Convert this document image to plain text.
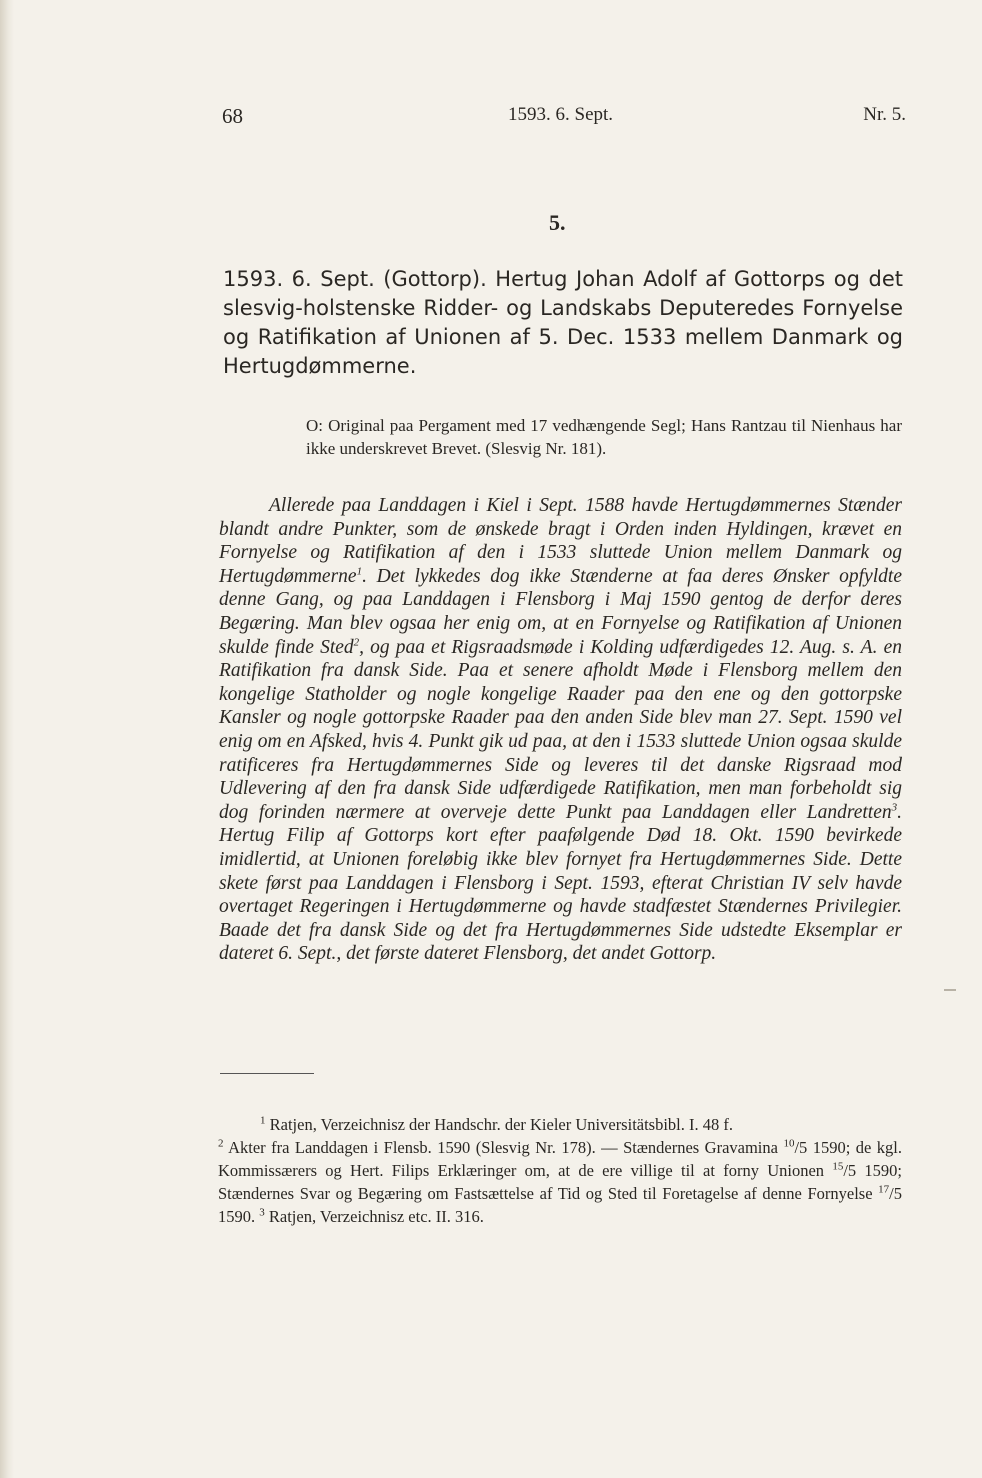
68	1593. 6. Sept.	Nr. 5.
5.
1593. 6. Sept. (Gottorp). Hertug Johan Adolf af Gottorps og det slesvig-holstenske Ridder- og Landskabs Deputeredes Fornyelse og Ratifikation af Unionen af 5. Dec. 1533 mellem Danmark og Hertugdømmerne.

O: Original paa Pergament med 17 vedhængende Segl; Hans Rantzau til Nienhaus har ikke underskrevet Brevet. (Slesvig Nr. 181).

Allerede paa Landdagen i Kiel i Sept. 1588 havde Hertugdømmernes Stænder blandt andre Punkter, som de ønskede bragt i Orden inden Hyldingen, krævet en Fornyelse og Ratifikation af den i 1533 sluttede Union mellem Danmark og Hertugdømmerne$^1$. Det lykkedes dog ikke Stænderne at faa deres Ønsker opfyldte denne Gang, og paa Landdagen i Flensborg i Maj 1590 gentog de derfor deres Begæring. Man blev ogsaa her enig om, at en Fornyelse og Ratifikation af Unionen skulde finde Sted$^2$, og paa et Rigsraadsmøde i Kolding udfærdigedes 12. Aug. s. A. en Ratifikation fra dansk Side. Paa et senere afholdt Møde i Flensborg mellem den kongelige Statholder og nogle kongelige Raader paa den ene og den gottorpske Kansler og nogle gottorpske Raader paa den anden Side blev man 27. Sept. 1590 vel enig om en Afsked, hvis 4. Punkt gik ud paa, at den i 1533 sluttede Union ogsaa skulde ratificeres fra Hertugdømmernes Side og leveres til det danske Rigsraad mod Udlevering af den fra dansk Side udfærdigede Ratifikation, men man forbeholdt sig dog forinden nærmere at overveje dette Punkt paa Landdagen eller Landretten$^3$. Hertug Filip af Gottorps kort efter paafølgende Død 18. Okt. 1590 bevirkede imidlertid, at Unionen foreløbig ikke blev fornyet fra Hertugdømmernes Side. Dette skete først paa Landdagen i Flensborg i Sept. 1593, efterat Christian IV selv havde overtaget Regeringen i Hertugdømmerne og havde stadfæstet Stændernes Privilegier. Baade det fra dansk Side og det fra Hertugdømmernes Side udstedte Eksemplar er dateret 6. Sept., det første dateret Flensborg, det andet Gottorp.

$^1$ Ratjen, Verzeichnisz der Handschr. der Kieler Universitätsbibl. I. 48 f.

$^2$ Akter fra Landdagen i Flensb. 1590 (Slesvig Nr. 178). — Stændernes Gravamina $^{10}$/5 1590; de kgl. Kommissærers og Hert. Filips Erklæringer om, at de ere villige til at forny Unionen $^{15}$/5 1590; Stændernes Svar og Begæring om Fastsættelse af Tid og Sted til Foretagelse af denne Fornyelse $^{17}$/5 1590. $^3$ Ratjen, Verzeichnisz etc. II. 316.
